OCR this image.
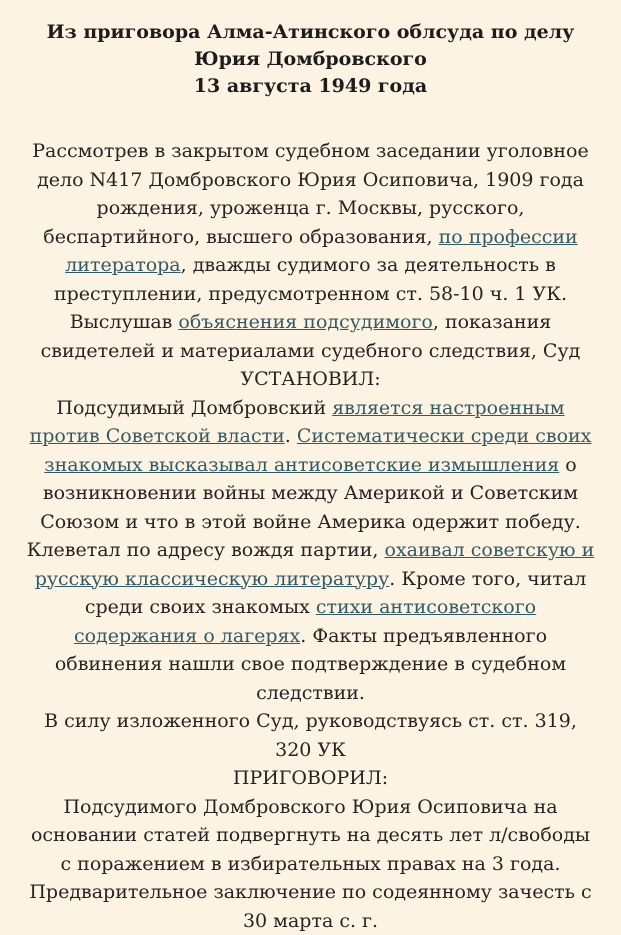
Из приговора Алма-Атинского облсуда по делу Юрия Домбровского
13 августа 1949 года

Рассмотрев в закрытом судебном заседании уголовное дело N417 Домбровского Юрия Осиповича, 1909 года рождения, уроженца г. Москвы, русского, беспартийного, высшего образования, по профессии литератора, дважды судимого за деятельность в преступлении, предусмотренном ст. 58-10 ч. 1 УК.

Выслушав объяснения подсудимого, показания свидетелей и материалами судебного следствия, Суд УСТАНОВИЛ:

Подсудимый Домбровский является настроенным против Советской власти. Систематически среди своих знакомых высказывал антисоветские измышления о возникновении войны между Америкой и Советским Союзом и что в этой войне Америка одержит победу. Клеветал по адресу вождя партии, охаивал советскую и русскую классическую литературу. Кроме того, читал среди своих знакомых стихи антисоветского содержания о лагерях. Факты предъявленного обвинения нашли свое подтверждение в судебном следствии.

В силу изложенного Суд, руководствуясь ст. ст. 319, 320 УК

ПРИГОВОРИЛ:

Подсудимого Домбровского Юрия Осиповича на основании статей подвергнуть на десять лет л/свободы с поражением в избирательных правах на 3 года. Предварительное заключение по содеянному зачесть с 30 марта с. г.
